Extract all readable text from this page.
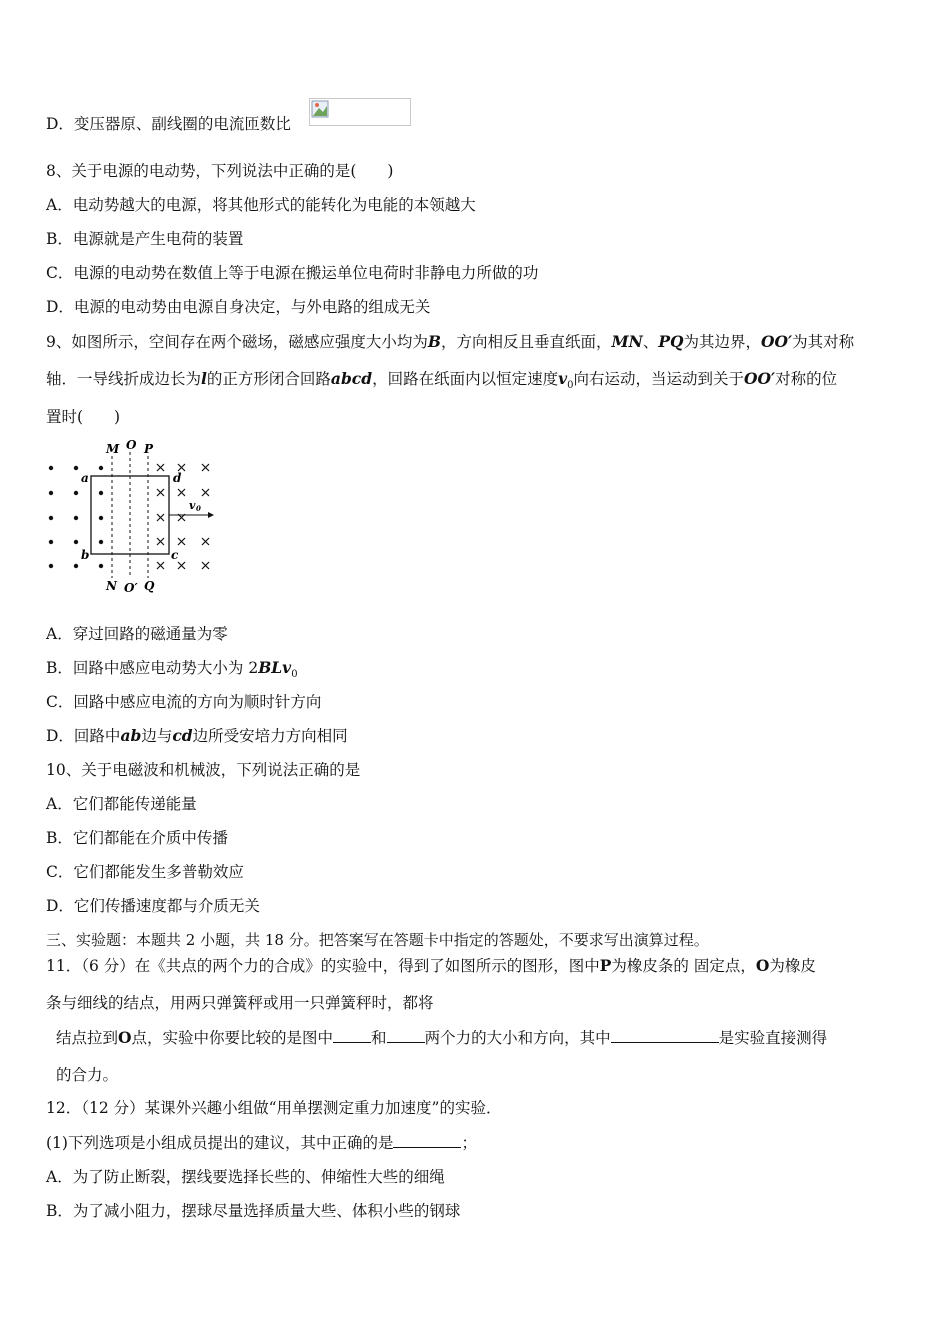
D．变压器原、副线圈的电流匝数比
8、关于电源的电动势，下列说法中正确的是(　　)
A．电动势越大的电源，将其他形式的能转化为电能的本领越大
B．电源就是产生电荷的装置
C．电源的电动势在数值上等于电源在搬运单位电荷时非静电力所做的功
D．电源的电动势由电源自身决定，与外电路的组成无关
9、如图所示，空间存在两个磁场，磁感应强度大小均为B，方向相反且垂直纸面，MN、PQ为其边界，OO′为其对称
轴．一导线折成边长为l的正方形闭合回路abcd，回路在纸面内以恒定速度$v_0$向右运动，当运动到关于OO′对称的位
置时(　　)
M O P
N O′ Q
a
b	c
d
v 0
A．穿过回路的磁通量为零
B．回路中感应电动势大小为 2BLv$_0$
C．回路中感应电流的方向为顺时针方向
D．回路中ab边与cd边所受安培力方向相同
10、关于电磁波和机械波，下列说法正确的是
A．它们都能传递能量
B．它们都能在介质中传播
C．它们都能发生多普勒效应
D．它们传播速度都与介质无关
三、实验题：本题共 2 小题，共 18 分。把答案写在答题卡中指定的答题处，不要求写出演算过程。
11．（6 分）在《共点的两个力的合成》的实验中，得到了如图所示的图形，图中P为橡皮条的 固定点，O为橡皮
条与细线的结点，用两只弹簧秤或用一只弹簧秤时，都将
结点拉到O点，实验中你要比较的是图中 和 两个力的大小和方向，其中	是实验直接测得
的合力。
12．（12 分）某课外兴趣小组做“用单摆测定重力加速度”的实验．
(1)下列选项是小组成员提出的建议，其中正确的是	；
A．为了防止断裂，摆线要选择长些的、伸缩性大些的细绳
B．为了减小阻力，摆球尽量选择质量大些、体积小些的钢球
